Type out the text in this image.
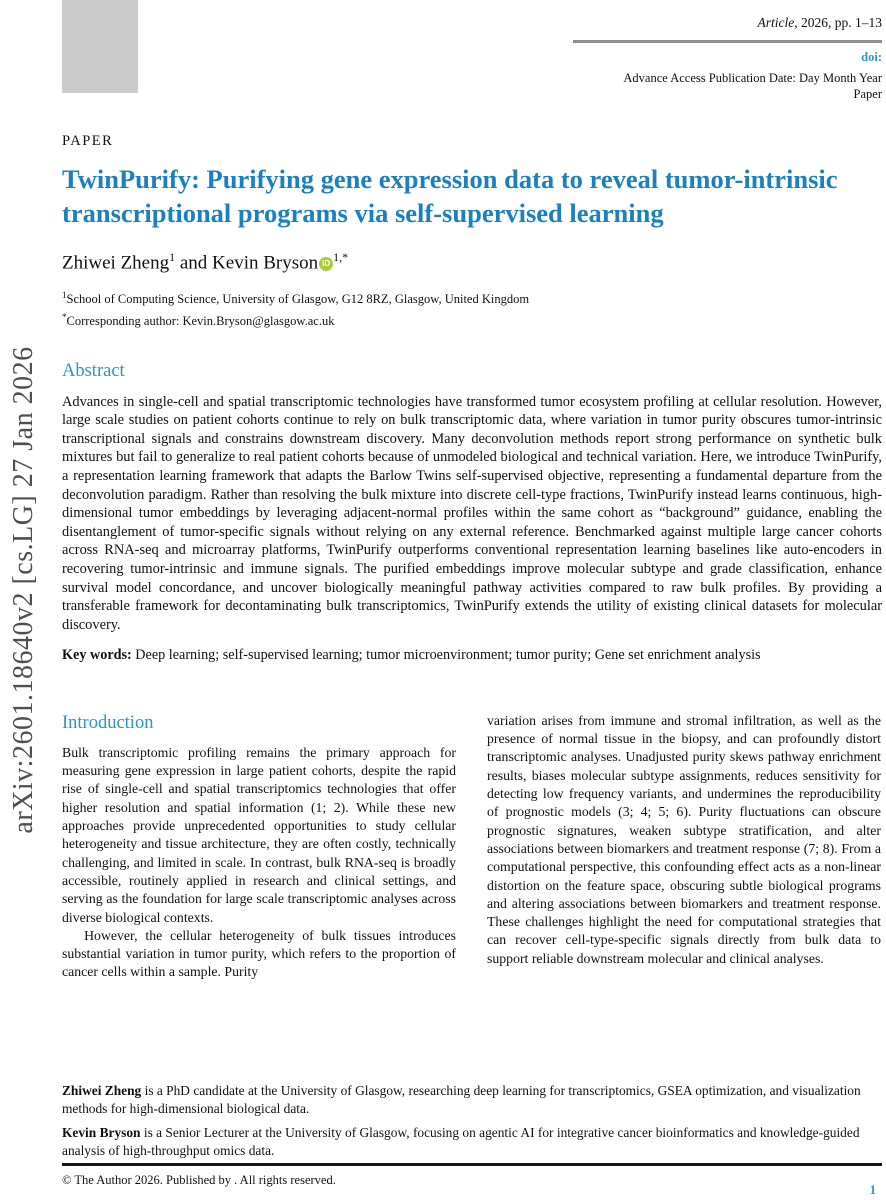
Article, 2026, pp. 1–13
doi:
Advance Access Publication Date: Day Month Year
Paper
arXiv:2601.18640v2 [cs.LG] 27 Jan 2026
PAPER
TwinPurify: Purifying gene expression data to reveal tumor-intrinsic transcriptional programs via self-supervised learning
Zhiwei Zheng$^1$ and Kevin Bryson iD $^{1,*}$
$^1$School of Computing Science, University of Glasgow, G12 8RZ, Glasgow, United Kingdom
*Corresponding author: Kevin.Bryson@glasgow.ac.uk
Abstract

Advances in single-cell and spatial transcriptomic technologies have transformed tumor ecosystem profiling at cellular resolution. However, large scale studies on patient cohorts continue to rely on bulk transcriptomic data, where variation in tumor purity obscures tumor-intrinsic transcriptional signals and constrains downstream discovery. Many deconvolution methods report strong performance on synthetic bulk mixtures but fail to generalize to real patient cohorts because of unmodeled biological and technical variation. Here, we introduce TwinPurify, a representation learning framework that adapts the Barlow Twins self-supervised objective, representing a fundamental departure from the deconvolution paradigm. Rather than resolving the bulk mixture into discrete cell-type fractions, TwinPurify instead learns continuous, high-dimensional tumor embeddings by leveraging adjacent-normal profiles within the same cohort as “background” guidance, enabling the disentanglement of tumor-specific signals without relying on any external reference. Benchmarked against multiple large cancer cohorts across RNA-seq and microarray platforms, TwinPurify outperforms conventional representation learning baselines like auto-encoders in recovering tumor-intrinsic and immune signals. The purified embeddings improve molecular subtype and grade classification, enhance survival model concordance, and uncover biologically meaningful pathway activities compared to raw bulk profiles. By providing a transferable framework for decontaminating bulk transcriptomics, TwinPurify extends the utility of existing clinical datasets for molecular discovery.

Key words: Deep learning; self-supervised learning; tumor microenvironment; tumor purity; Gene set enrichment analysis

Introduction

Bulk transcriptomic profiling remains the primary approach for measuring gene expression in large patient cohorts, despite the rapid rise of single-cell and spatial transcriptomics technologies that offer higher resolution and spatial information (1; 2). While these new approaches provide unprecedented opportunities to study cellular heterogeneity and tissue architecture, they are often costly, technically challenging, and limited in scale. In contrast, bulk RNA-seq is broadly accessible, routinely applied in research and clinical settings, and serving as the foundation for large scale transcriptomic analyses across diverse biological contexts.

However, the cellular heterogeneity of bulk tissues introduces substantial variation in tumor purity, which refers to the proportion of cancer cells within a sample. Purity

variation arises from immune and stromal infiltration, as well as the presence of normal tissue in the biopsy, and can profoundly distort transcriptomic analyses. Unadjusted purity skews pathway enrichment results, biases molecular subtype assignments, reduces sensitivity for detecting low frequency variants, and undermines the reproducibility of prognostic models (3; 4; 5; 6). Purity fluctuations can obscure prognostic signatures, weaken subtype stratification, and alter associations between biomarkers and treatment response (7; 8). From a computational perspective, this confounding effect acts as a non-linear distortion on the feature space, obscuring subtle biological programs and altering associations between biomarkers and treatment response. These challenges highlight the need for computational strategies that can recover cell-type-specific signals directly from bulk data to support reliable downstream molecular and clinical analyses.

Zhiwei Zheng is a PhD candidate at the University of Glasgow, researching deep learning for transcriptomics, GSEA optimization, and visualization methods for high-dimensional biological data.

Kevin Bryson is a Senior Lecturer at the University of Glasgow, focusing on agentic AI for integrative cancer bioinformatics and knowledge-guided analysis of high-throughput omics data.

© The Author 2026. Published by . All rights reserved.
1
